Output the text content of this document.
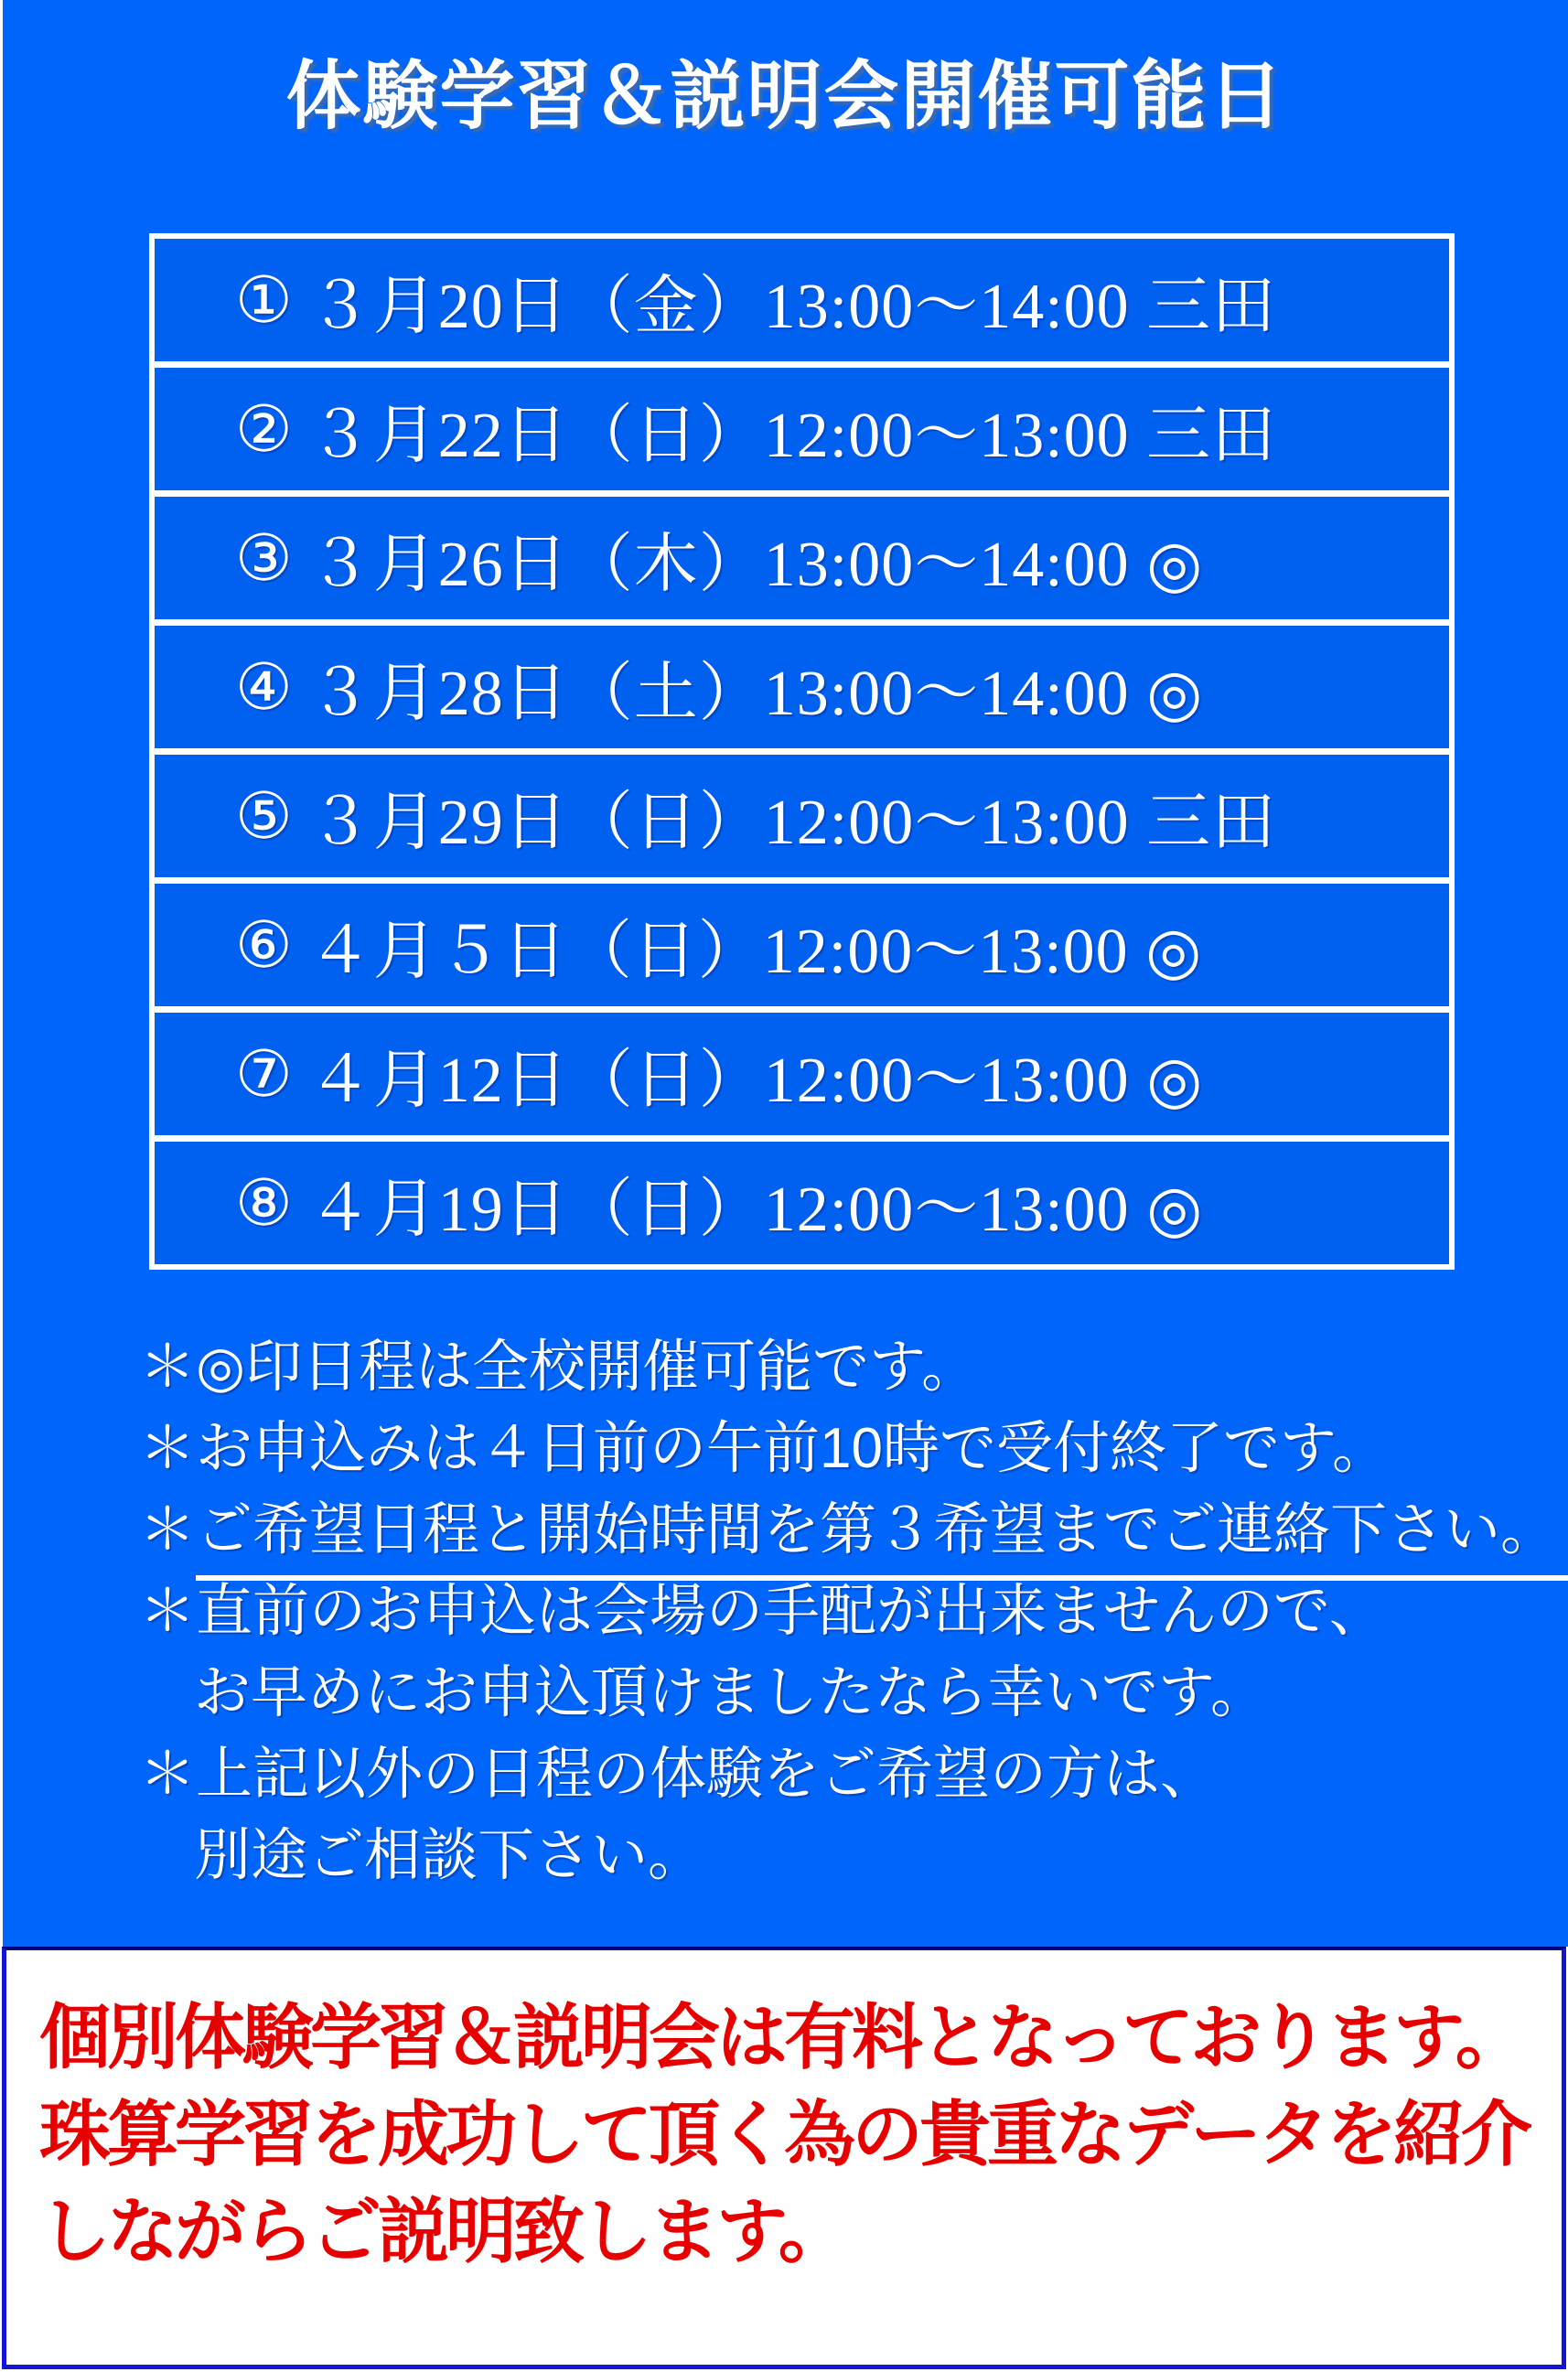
体験学習＆説明会開催可能日
① ３月20日（金）13:00～14:00 三田
② ３月22日（日）12:00～13:00 三田
③ ３月26日（木）13:00～14:00 ◎
④ ３月28日（土）13:00～14:00 ◎
⑤ ３月29日（日）12:00～13:00 三田
⑥ ４月５日（日）12:00～13:00 ◎
⑦ ４月12日（日）12:00～13:00 ◎
⑧ ４月19日（日）12:00～13:00 ◎
＊◎印日程は全校開催可能です。
＊お申込みは４日前の午前10時で受付終了です。
＊ご希望日程と開始時間を第３希望までご連絡下さい。
＊直前のお申込は会場の手配が出来ませんので、
お早めにお申込頂けましたなら幸いです。
＊上記以外の日程の体験をご希望の方は、
別途ご相談下さい。
個別体験学習＆説明会は有料となっております。
珠算学習を成功して頂く為の貴重なデータを紹介
しながらご説明致します。
